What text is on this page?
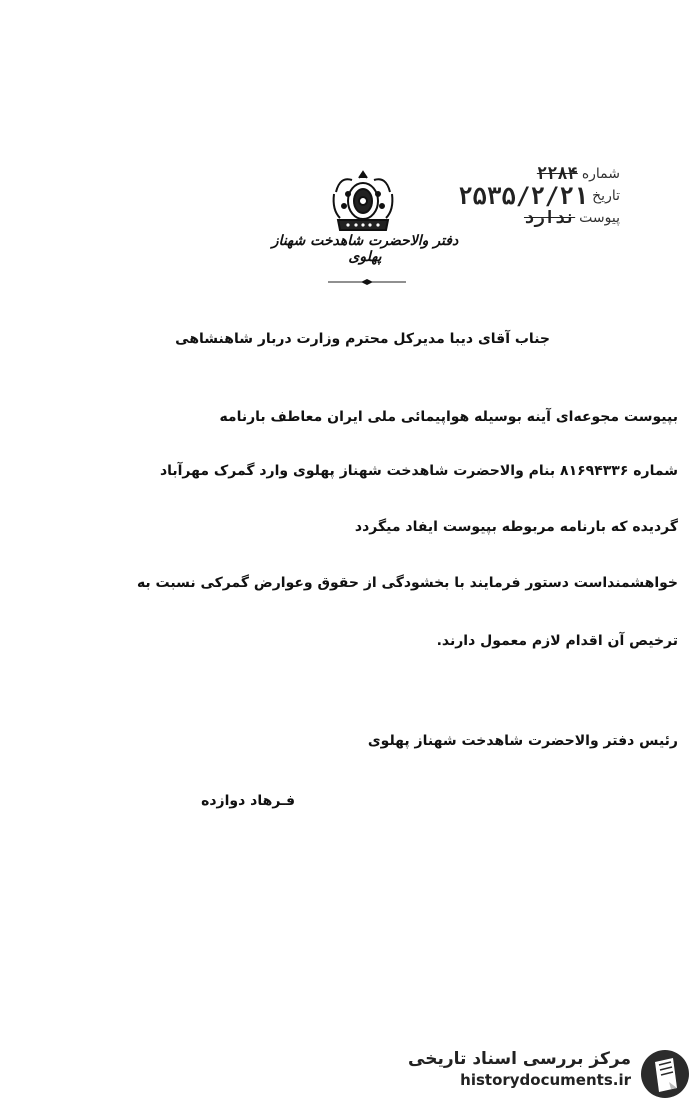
شماره
۲۲۸۴
تاریخ
۲۵۳۵/۲/۲۱
پیوست
ندارد
دفتر والاحضرت شاهدخت شهناز پهلوی
جناب آقای دیبا مدیرکل محترم وزارت دربار شاهنشاهی
بپیوست مجوعه‌ای آینه بوسیله هواپیمائی ملی ایران معاطف بارنامه
شماره ۸۱۶۹۴۳۳۶ بنام والاحضرت شاهدخت شهناز پهلوی وارد گمرک مهرآباد
گردیده که بارنامه مربوطه بپیوست ایفاد میگردد
خواهشمنداست دستور فرمایند با بخشودگی از حقوق وعوارض گمرکی نسبت به
ترخیص آن اقدام لازم معمول دارند.
رئیس دفتر والاحضرت شاهدخت شهناز پهلوی
فـرهاد دوازده
مرکز بررسی اسناد تاریخی
historydocuments.ir
